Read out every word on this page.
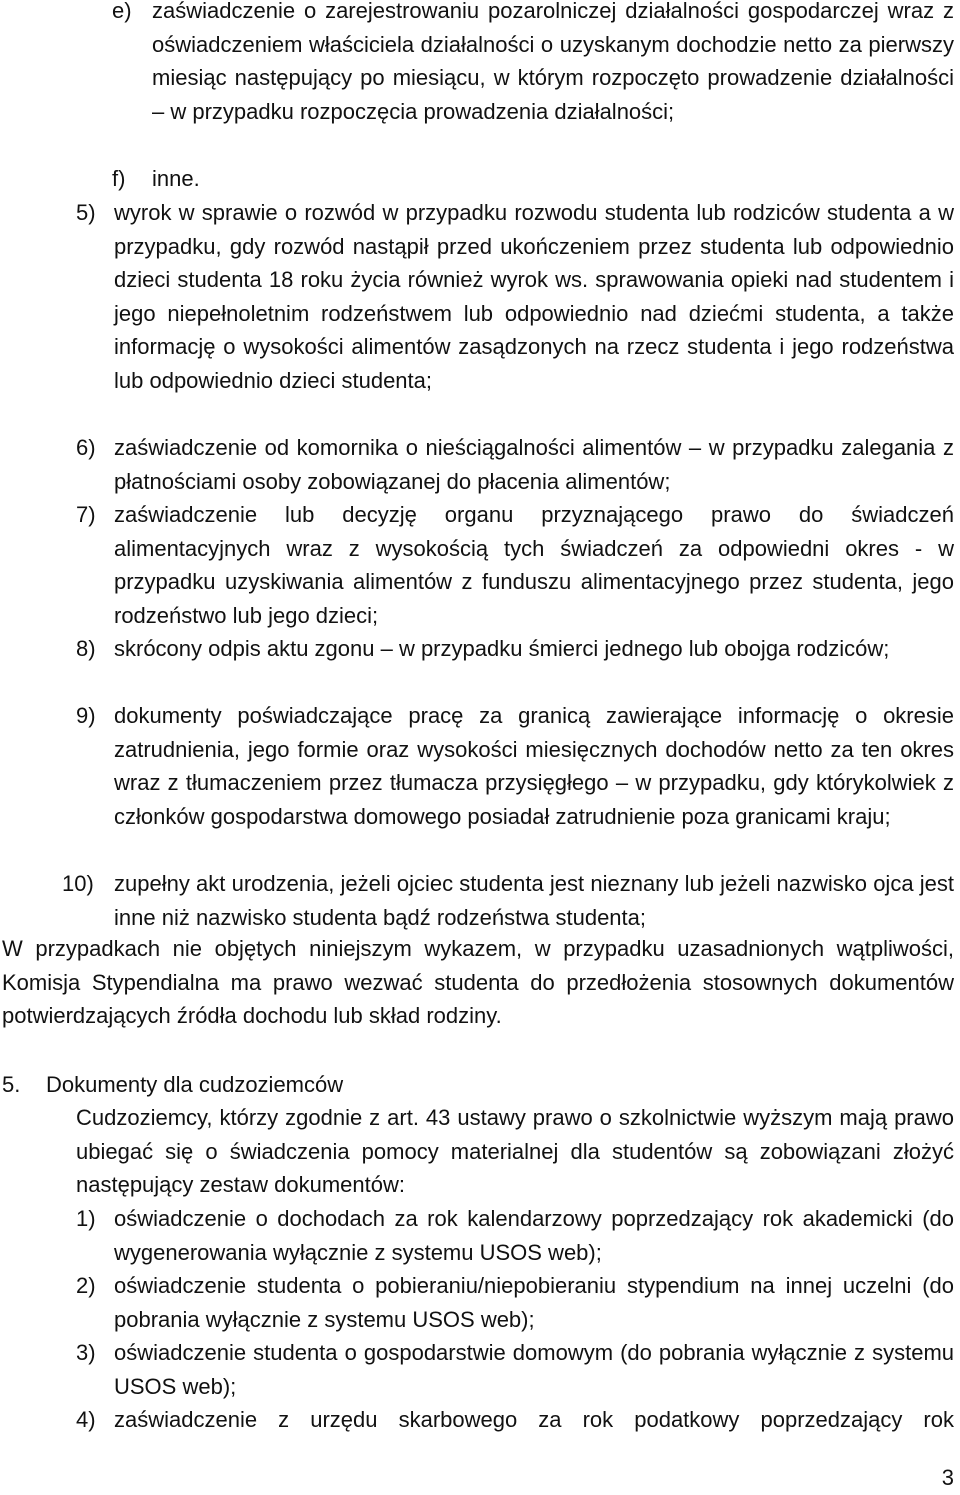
e) zaświadczenie o zarejestrowaniu pozarolniczej działalności gospodarczej wraz z oświadczeniem właściciela działalności o uzyskanym dochodzie netto za pierwszy miesiąc następujący po miesiącu, w którym rozpoczęto prowadzenie działalności – w przypadku rozpoczęcia prowadzenia działalności;
f) inne.
5) wyrok w sprawie o rozwód w przypadku rozwodu studenta lub rodziców studenta a w przypadku, gdy rozwód nastąpił przed ukończeniem przez studenta lub odpowiednio dzieci studenta 18 roku życia również wyrok ws. sprawowania opieki nad studentem i jego niepełnoletnim rodzeństwem lub odpowiednio nad dziećmi studenta, a także informację o wysokości alimentów zasądzonych na rzecz studenta i jego rodzeństwa lub odpowiednio dzieci studenta;
6) zaświadczenie od komornika o nieściągalności alimentów – w przypadku zalegania z płatnościami osoby zobowiązanej do płacenia alimentów;
7) zaświadczenie lub decyzję organu przyznającego prawo do świadczeń alimentacyjnych wraz z wysokością tych świadczeń za odpowiedni okres - w przypadku uzyskiwania alimentów z funduszu alimentacyjnego przez studenta, jego rodzeństwo lub jego dzieci;
8) skrócony odpis aktu zgonu – w przypadku śmierci jednego lub obojga rodziców;
9) dokumenty poświadczające pracę za granicą zawierające informację o okresie zatrudnienia, jego formie oraz wysokości miesięcznych dochodów netto za ten okres wraz z tłumaczeniem przez tłumacza przysięgłego – w przypadku, gdy którykolwiek z członków gospodarstwa domowego posiadał zatrudnienie poza granicami kraju;
10) zupełny akt urodzenia, jeżeli ojciec studenta jest nieznany lub jeżeli nazwisko ojca jest inne niż nazwisko studenta bądź rodzeństwa studenta;
W przypadkach nie objętych niniejszym wykazem, w przypadku uzasadnionych wątpliwości, Komisja Stypendialna ma prawo wezwać studenta do przedłożenia stosownych dokumentów potwierdzających źródła dochodu lub skład rodziny.
5. Dokumenty dla cudzoziemców
Cudzoziemcy, którzy zgodnie z art. 43 ustawy prawo o szkolnictwie wyższym mają prawo ubiegać się o świadczenia pomocy materialnej dla studentów są zobowiązani złożyć następujący zestaw dokumentów:
1) oświadczenie o dochodach za rok kalendarzowy poprzedzający rok akademicki (do wygenerowania wyłącznie z systemu USOS web);
2) oświadczenie studenta o pobieraniu/niepobieraniu stypendium na innej uczelni (do pobrania wyłącznie z systemu USOS web);
3) oświadczenie studenta o gospodarstwie domowym (do pobrania wyłącznie z systemu USOS web);
4) zaświadczenie z urzędu skarbowego za rok podatkowy poprzedzający rok
3
